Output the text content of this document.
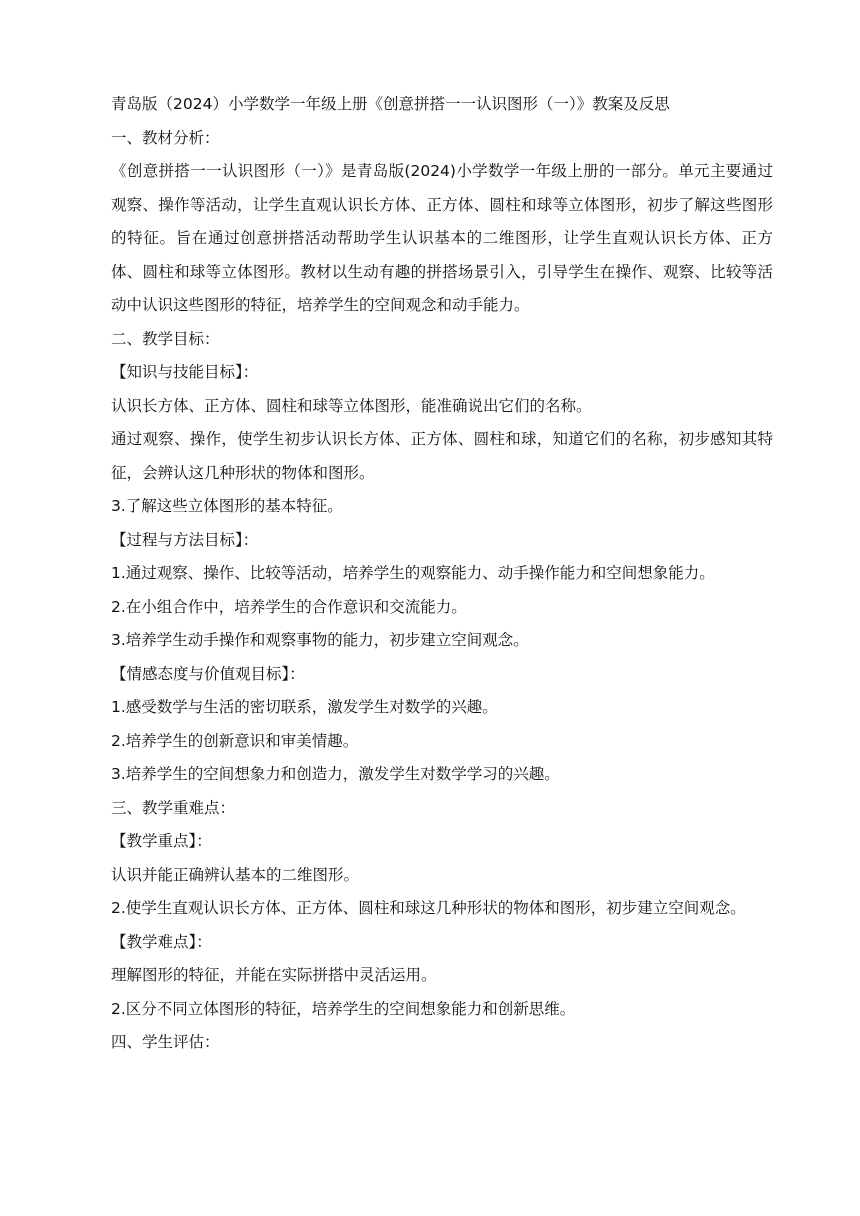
青岛版（2024）小学数学一年级上册《创意拼搭一一认识图形（一）》教案及反思
一、教材分析：
《创意拼搭一一认识图形（一）》是青岛版(2024)小学数学一年级上册的一部分。单元主要通过观察、操作等活动，让学生直观认识长方体、正方体、圆柱和球等立体图形，初步了解这些图形的特征。旨在通过创意拼搭活动帮助学生认识基本的二维图形，让学生直观认识长方体、正方体、圆柱和球等立体图形。教材以生动有趣的拼搭场景引入，引导学生在操作、观察、比较等活动中认识这些图形的特征，培养学生的空间观念和动手能力。
二、教学目标：
【知识与技能目标】：
认识长方体、正方体、圆柱和球等立体图形，能准确说出它们的名称。
通过观察、操作，使学生初步认识长方体、正方体、圆柱和球，知道它们的名称，初步感知其特征，会辨认这几种形状的物体和图形。
3.了解这些立体图形的基本特征。
【过程与方法目标】：
1.通过观察、操作、比较等活动，培养学生的观察能力、动手操作能力和空间想象能力。
2.在小组合作中，培养学生的合作意识和交流能力。
3.培养学生动手操作和观察事物的能力，初步建立空间观念。
【情感态度与价值观目标】：
1.感受数学与生活的密切联系，激发学生对数学的兴趣。
2.培养学生的创新意识和审美情趣。
3.培养学生的空间想象力和创造力，激发学生对数学学习的兴趣。
三、教学重难点：
【教学重点】：
认识并能正确辨认基本的二维图形。
2.使学生直观认识长方体、正方体、圆柱和球这几种形状的物体和图形，初步建立空间观念。
【教学难点】：
理解图形的特征，并能在实际拼搭中灵活运用。
2.区分不同立体图形的特征，培养学生的空间想象能力和创新思维。
四、学生评估：
